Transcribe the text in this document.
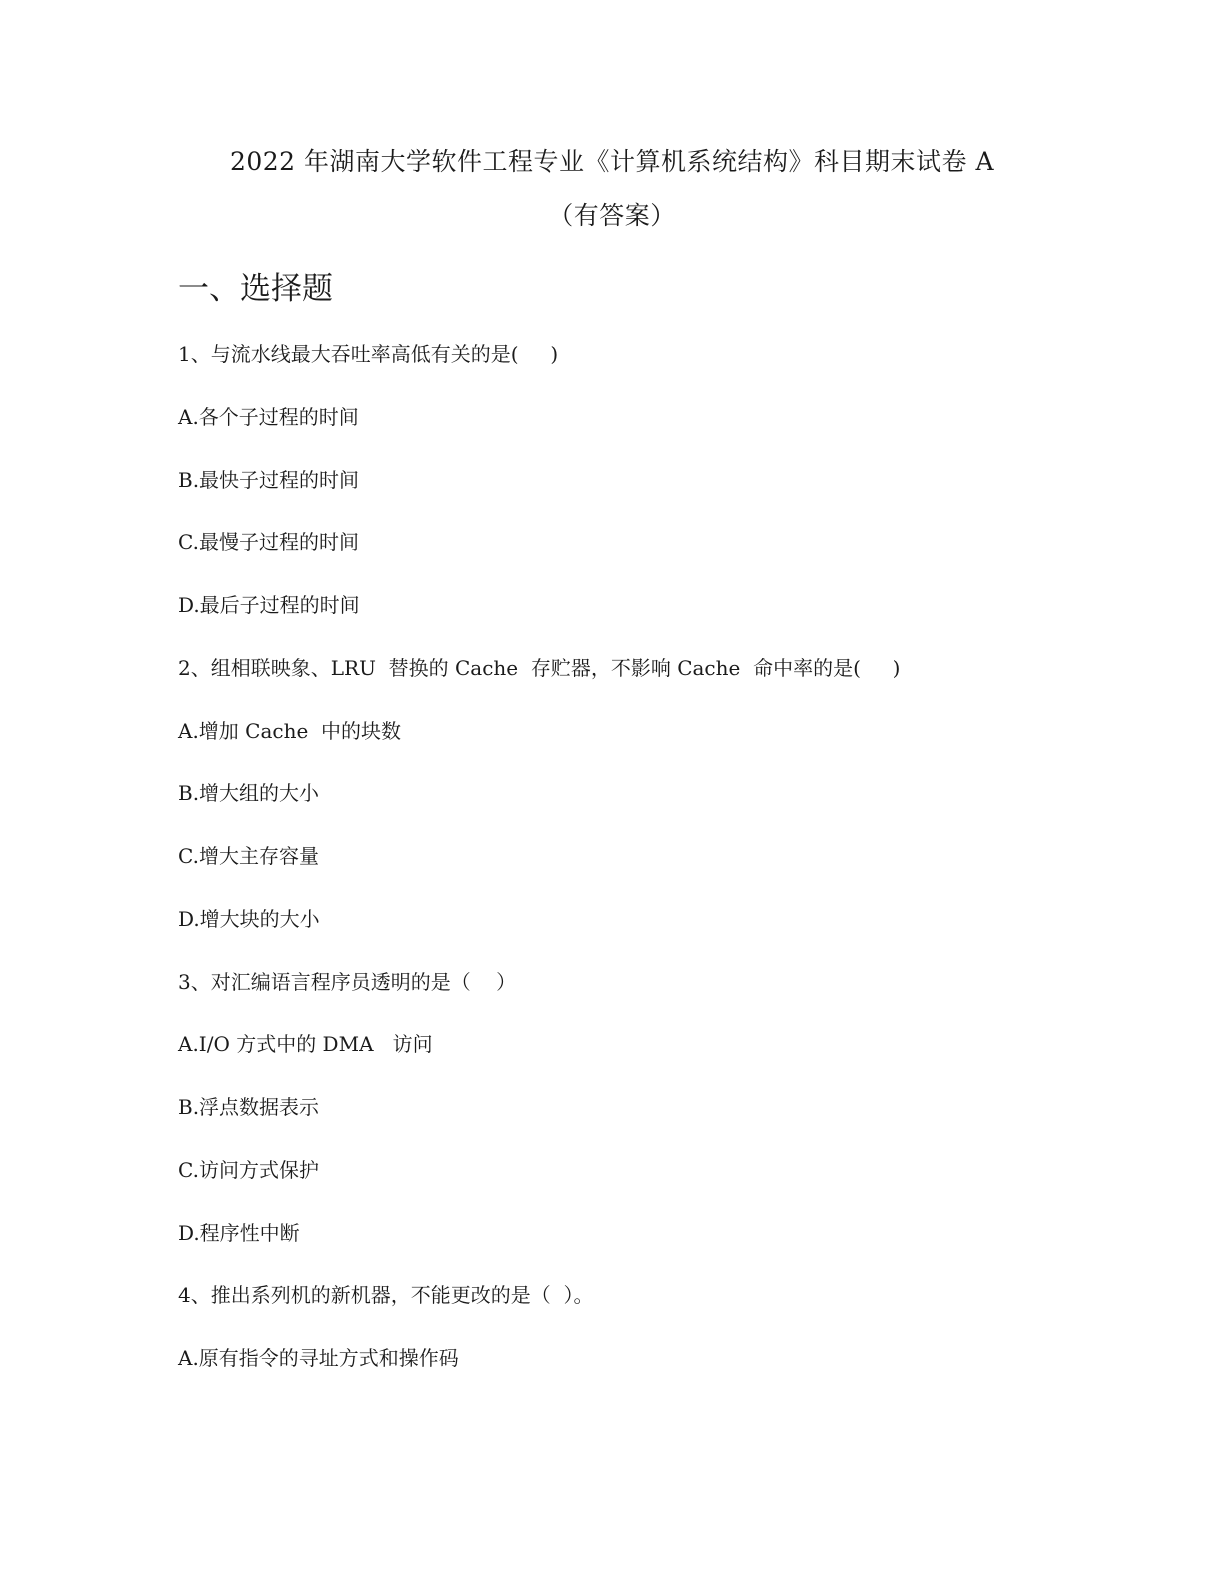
2022 年湖南大学软件工程专业《计算机系统结构》科目期末试卷 A
（有答案）
一、选择题
1、与流水线最大吞吐率高低有关的是(     )
A.各个子过程的时间
B.最快子过程的时间
C.最慢子过程的时间
D.最后子过程的时间
2、组相联映象、LRU  替换的 Cache  存贮器，不影响 Cache  命中率的是(     )
A.增加 Cache  中的块数
B.增大组的大小
C.增大主存容量
D.增大块的大小
3、对汇编语言程序员透明的是（    ）
A.I/O 方式中的 DMA   访问
B.浮点数据表示
C.访问方式保护
D.程序性中断
4、推出系列机的新机器，不能更改的是（  ）。
A.原有指令的寻址方式和操作码
